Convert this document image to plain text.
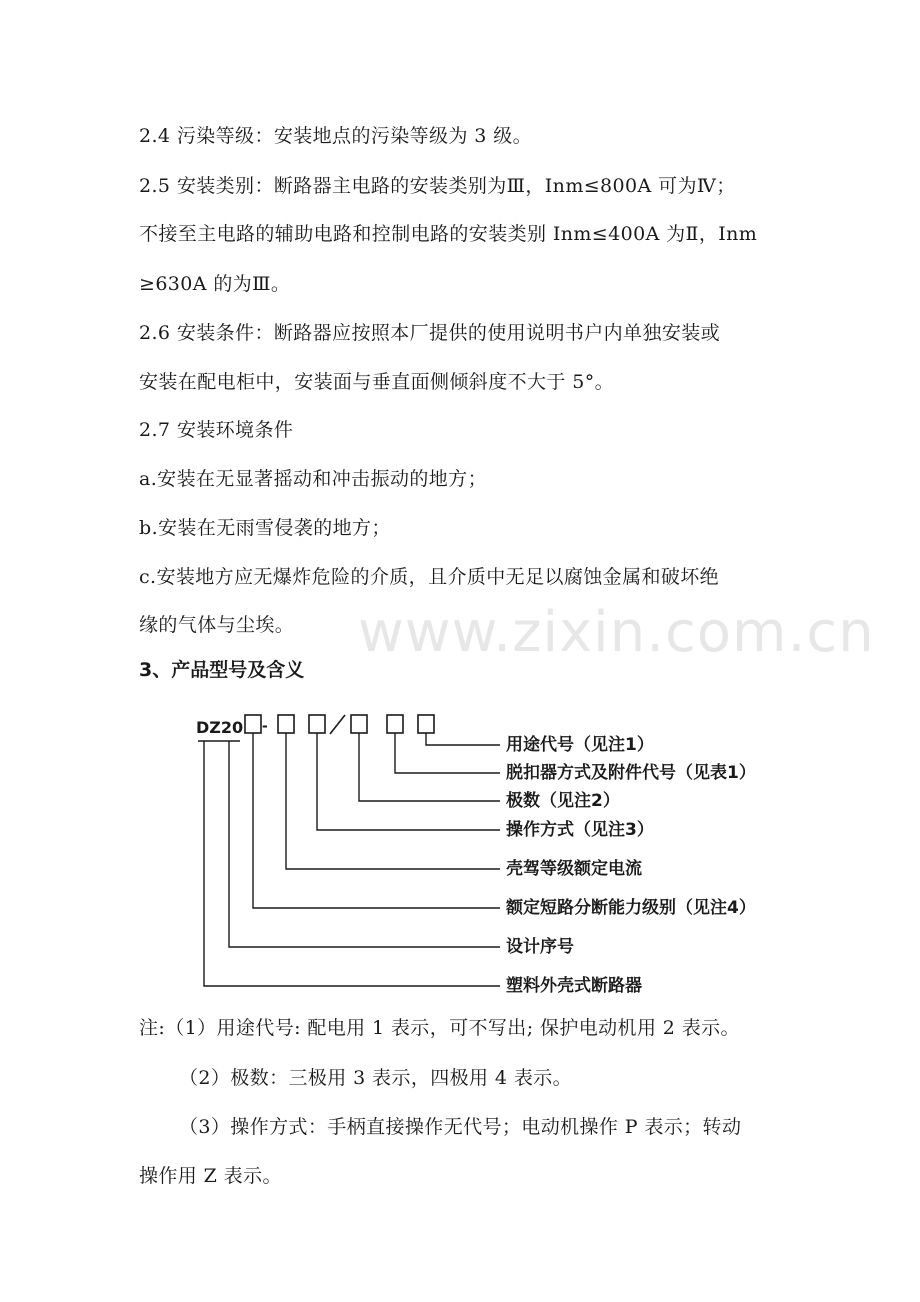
2.4 污染等级：安装地点的污染等级为 3 级。
2.5 安装类别：断路器主电路的安装类别为Ⅲ，Inm≤800A 可为Ⅳ；
不接至主电路的辅助电路和控制电路的安装类别 Inm≤400A 为Ⅱ，Inm
≥630A 的为Ⅲ。
2.6 安装条件：断路器应按照本厂提供的使用说明书户内单独安装或
安装在配电柜中，安装面与垂直面侧倾斜度不大于 5°。
2.7 安装环境条件
a.安装在无显著摇动和冲击振动的地方；
b.安装在无雨雪侵袭的地方；
c.安装地方应无爆炸危险的介质，且介质中无足以腐蚀金属和破坏绝
缘的气体与尘埃。 www.zixin.com.cn
3、产品型号及含义
DZ20 -
用途代号（见注1）
脱扣器方式及附件代号（见表1）
极数（见注2）
操作方式（见注3）
壳驾等级额定电流
额定短路分断能力级别（见注4）
设计序号
塑料外壳式断路器
注:（1）用途代号: 配电用 1 表示，可不写出; 保护电动机用 2 表示。
（2）极数：三极用 3 表示，四极用 4 表示。
（3）操作方式：手柄直接操作无代号；电动机操作 P 表示；转动
操作用 Z 表示。
